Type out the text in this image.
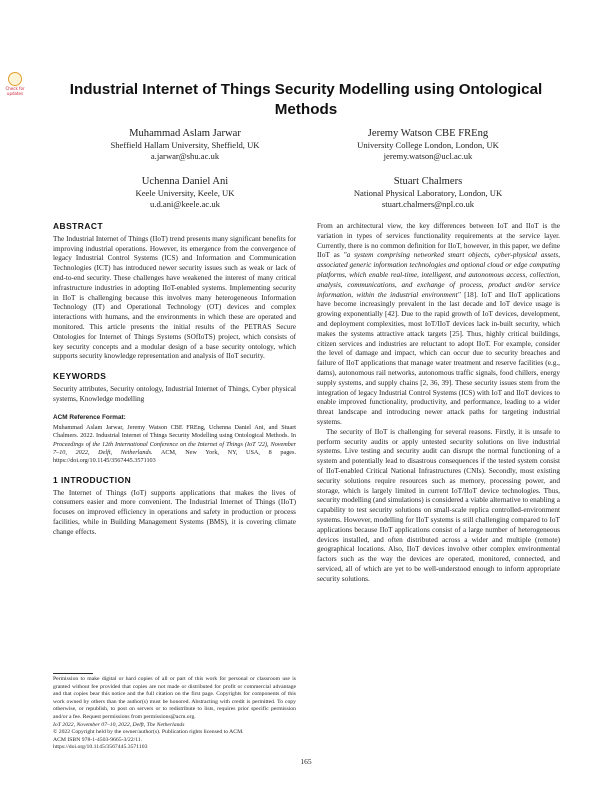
Check for
updates	Industrial Internet of Things Security Modelling using Ontological Methods
Muhammad Aslam Jarwar
Sheffield Hallam University, Sheffield, UK
a.jarwar@shu.ac.uk
Jeremy Watson CBE FREng
University College London, London, UK
jeremy.watson@ucl.ac.uk
Uchenna Daniel Ani
Keele University, Keele, UK
u.d.ani@keele.ac.uk
Stuart Chalmers
National Physical Laboratory, London, UK
stuart.chalmers@npl.co.uk
ABSTRACT

The Industrial Internet of Things (IIoT) trend presents many significant benefits for improving industrial operations. However, its emergence from the convergence of legacy Industrial Control Systems (ICS) and Information and Communication Technologies (ICT) has introduced newer security issues such as weak or lack of end-to-end security. These challenges have weakened the interest of many critical infrastructure industries in adopting IIoT-enabled systems. Implementing security in IIoT is challenging because this involves many heterogeneous Information Technology (IT) and Operational Technology (OT) devices and complex interactions with humans, and the environments in which these are operated and monitored. This article presents the initial results of the PETRAS Secure Ontologies for Internet of Things Systems (SOfIoTS) project, which consists of key security concepts and a modular design of a base security ontology, which supports security knowledge representation and analysis of IIoT security.

KEYWORDS

Security attributes, Security ontology, Industrial Internet of Things, Cyber physical systems, Knowledge modelling

ACM Reference Format:

Muhammad Aslam Jarwar, Jeremy Watson CBE FREng, Uchenna Daniel Ani, and Stuart Chalmers. 2022. Industrial Internet of Things Security Modelling using Ontological Methods. In Proceedings of the 12th International Conference on the Internet of Things (IoT '22), November 7–10, 2022, Delft, Netherlands. ACM, New York, NY, USA, 8 pages. https://doi.org/10.1145/3567445.3571103

1 INTRODUCTION

The Internet of Things (IoT) supports applications that makes the lives of consumers easier and more convenient. The Industrial Internet of Things (IIoT) focuses on improved efficiency in operations and safety in production or process facilities, while in Building Management Systems (BMS), it is covering climate change effects.

Permission to make digital or hard copies of all or part of this work for personal or classroom use is granted without fee provided that copies are not made or distributed for profit or commercial advantage and that copies bear this notice and the full citation on the first page. Copyrights for components of this work owned by others than the author(s) must be honored. Abstracting with credit is permitted. To copy otherwise, or republish, to post on servers or to redistribute to lists, requires prior specific permission and/or a fee. Request permissions from permissions@acm.org.

IoT 2022, November 07–10, 2022, Delft, The Netherlands

© 2022 Copyright held by the owner/author(s). Publication rights licensed to ACM.

ACM ISBN 978-1-4503-9665-3/22/11.

https://doi.org/10.1145/3567445.3571103

From an architectural view, the key differences between IoT and IIoT is the variation in types of services functionality requirements at the service layer. Currently, there is no common definition for IIoT, however, in this paper, we define IIoT as "a system comprising networked smart objects, cyber-physical assets, associated generic information technologies and optional cloud or edge computing platforms, which enable real-time, intelligent, and autonomous access, collection, analysis, communications, and exchange of process, product and/or service information, within the industrial environment" [18]. IoT and IIoT applications have become increasingly prevalent in the last decade and IoT device usage is growing exponentially [42]. Due to the rapid growth of IoT devices, development, and deployment complexities, most IoT/IIoT devices lack in-built security, which makes the systems attractive attack targets [25]. Thus, highly critical buildings, citizen services and industries are reluctant to adopt IIoT. For example, consider the level of damage and impact, which can occur due to security breaches and failure of IIoT applications that manage water treatment and reserve facilities (e.g., dams), autonomous rail networks, autonomous traffic signals, food chillers, energy supply systems, and supply chains [2, 36, 39]. These security issues stem from the integration of legacy Industrial Control Systems (ICS) with IoT and IIoT devices to enable improved functionality, productivity, and performance, leading to a wider threat landscape and introducing newer attack paths for targeting industrial systems.

The security of IIoT is challenging for several reasons. Firstly, it is unsafe to perform security audits or apply untested security solutions on live industrial systems. Live testing and security audit can disrupt the normal functioning of a system and potentially lead to disastrous consequences if the tested system consist of IIoT-enabled Critical National Infrastructures (CNIs). Secondly, most existing security solutions require resources such as memory, processing power, and storage, which is largely limited in current IoT/IIoT device technologies. Thus, security modelling (and simulations) is considered a viable alternative to enabling a capability to test security solutions on small-scale replica controlled-environment systems. However, modelling for IIoT systems is still challenging compared to IoT applications because IIoT applications consist of a large number of heterogeneous devices installed, and often distributed across a wider and multiple (remote) geographical locations. Also, IIoT devices involve other complex environmental factors such as the way the devices are operated, monitored, connected, and serviced, all of which are yet to be well-understood enough to inform appropriate security solutions.

165
